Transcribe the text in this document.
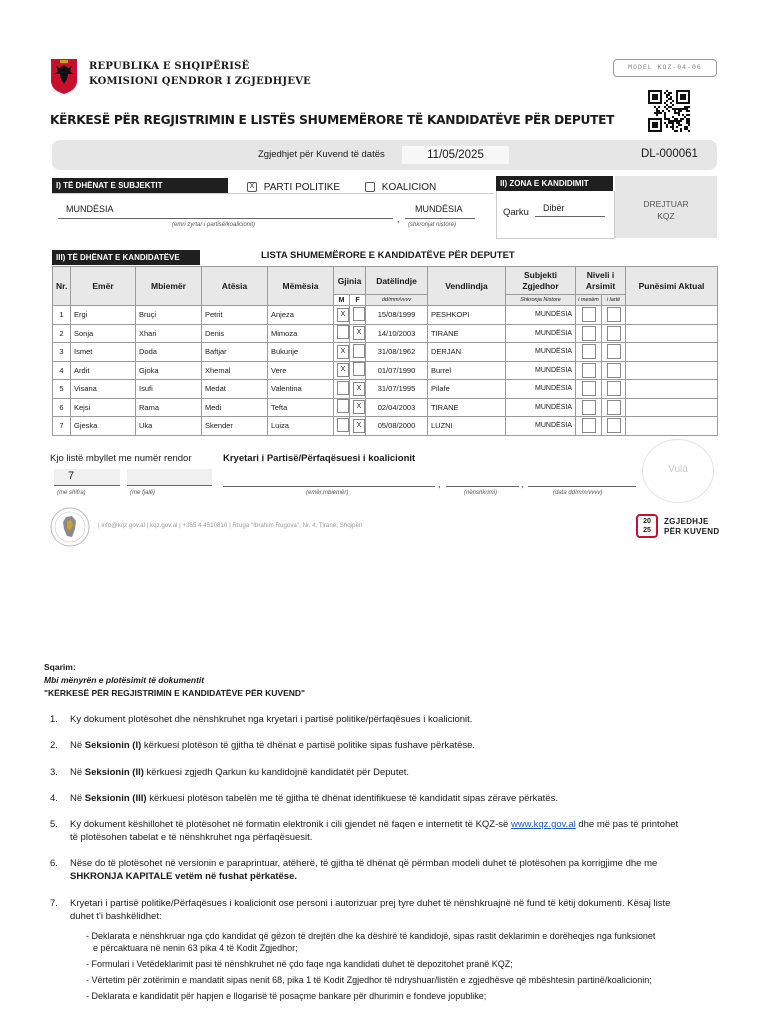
REPUBLIKA E SHQIPËRISË
KOMISIONI QENDROR I ZGJEDHJEVE
MODEL KQZ-04-06
KËRKESË PËR REGJISTRIMIN E LISTËS SHUMEMËRORE TË KANDIDATËVE PËR DEPUTET
Zgjedhjet për Kuvend të datës	11/05/2025	DL-000061
I) TË DHËNAT E SUBJEKTIT	X PARTI POLITIKE	KOALICION
MUNDËSIA
(emri zyrtar i partisë/koalicionit)
,
MUNDËSIA
(shkronjat nistore)
II) ZONA E KANDIDIMIT
Qarku Dibër	DREJTUAR
KQZ
III) TË DHËNAT E KANDIDATËVE	LISTA SHUMEMËRORE E KANDIDATËVE PËR DEPUTET
Nr.	Emër	Mbiemër	Atësia	Mëmësia	Gjinia		Datëlindje	Vendlindja	Subjekti
Zgjedhor	Niveli i
Arsimit		Punësimi Aktual
					M	F	dd/mm/vvvv		Shkronja Nistore	i mesëm	i lartë	
1	Ergi	Bruçi	Petrit	Anjeza	X		15/08/1999	PESHKOPI	MUNDËSIA			
2	Sonja	Xhari	Denis	Mimoza		X	14/10/2003	TIRANE	MUNDËSIA			
3	Ismet	Doda	Baftjar	Bukurije	X		31/08/1962	DERJAN	MUNDËSIA			
4	Ardit	Gjoka	Xhemal	Vere	X		01/07/1990	Burrel	MUNDËSIA			
5	Visana	Isufi	Medat	Valentina		X	31/07/1995	Pilafe	MUNDËSIA			
6	Kejsi	Rama	Medi	Tefta		X	02/04/2003	TIRANE	MUNDËSIA			
7	Gjeska	Uka	Skender	Luiza		X	05/08/2000	LUZNI	MUNDËSIA			
Kjo listë mbyllet me numër rendor
7
(me shifra)	(me fjalë)
Kryetari i Partisë/Përfaqësuesi i koalicionit
,	,
(emër,mbiemër)	(nënshkrimi)	(data dd/mm/vvvv)
Vula
| info@kqz.gov.al | kqz.gov.al | +355 4 4510810 | Rruga "Ibrahim Rugova", Nr. 4, Tiranë, Shqipëri
20
25
ZGJEDHJE
PËR KUVEND
Sqarim:
Mbi mënyrën e plotësimit të dokumentit
"KËRKESË PËR REGJISTRIMIN E KANDIDATËVE PËR KUVEND"
1. Ky dokument plotësohet dhe nënshkruhet nga kryetari i partisë politike/përfaqësues i koalicionit.
2. Në Seksionin (I) kërkuesi plotëson të gjitha të dhënat e partisë politike sipas fushave përkatëse.
3. Në Seksionin (II) kërkuesi zgjedh Qarkun ku kandidojnë kandidatët për Deputet.
4. Në Seksionin (III) kërkuesi plotëson tabelën me të gjitha të dhënat identifikuese të kandidatit sipas zërave përkatës.
5. Ky dokument këshillohet të plotësohet në formatin elektronik i cili gjendet në faqen e internetit të KQZ-së www.kqz.gov.al dhe më pas të printohet
të plotësohen tabelat e të nënshkruhet nga përfaqësuesit.
6. Nëse do të plotësohet në versionin e paraprintuar, atëherë, të gjitha të dhënat që përmban modeli duhet të plotësohen pa korrigjime dhe me
SHKRONJA KAPITALE vetëm në fushat përkatëse.
7. Kryetari i partisë politike/Përfaqësues i koalicionit ose personi i autorizuar prej tyre duhet të nënshkruajnë në fund të këtij dokumenti. Kësaj liste
duhet t'i bashkëlidhet:
- Deklarata e nënshkruar nga çdo kandidat që gëzon të drejtën dhe ka dëshirë të kandidojë, sipas rastit deklarimin e dorëheqjes nga funksionet
e përcaktuara në nenin 63 pika 4 të Kodit Zgjedhor;
- Formulari i Vetëdeklarimit pasi të nënshkruhet në çdo faqe nga kandidati duhet të depozitohet pranë KQZ;
- Vërtetim për zotërimin e mandatit sipas nenit 68, pika 1 të Kodit Zgjedhor të ndryshuar/listën e zgjedhësve që mbështesin partinë/koalicionin;
- Deklarata e kandidatit për hapjen e llogarisë të posaçme bankare për dhurimin e fondeve jopublike;
